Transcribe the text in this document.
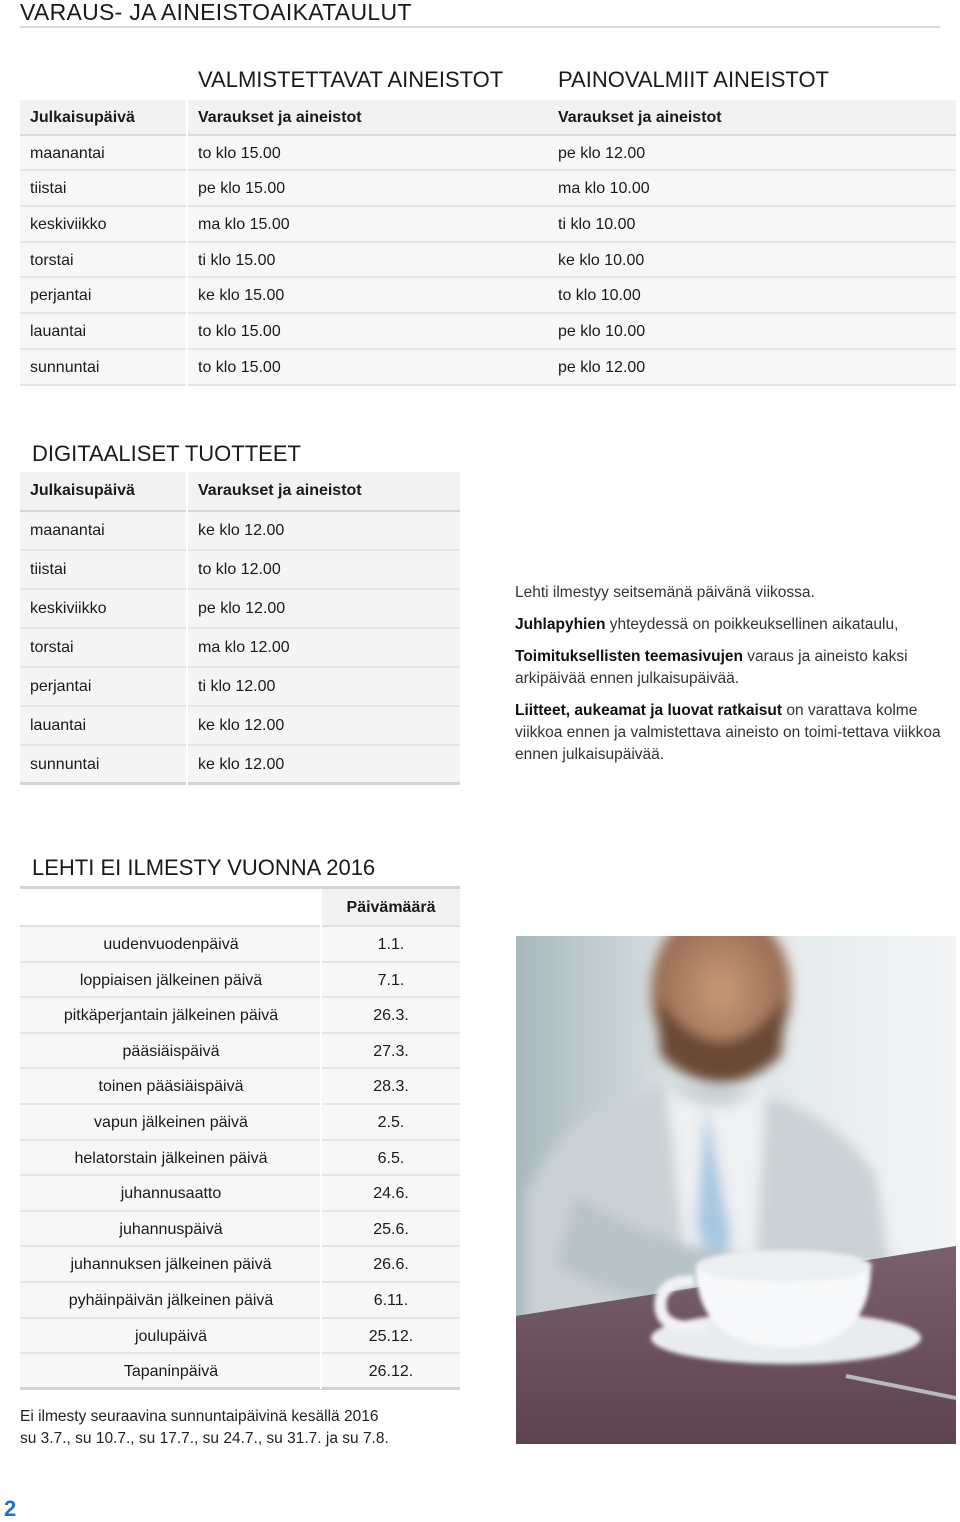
VARAUS- JA AINEISTOAIKATAULUT
VALMISTETTAVAT AINEISTOT PAINOVALMIIT AINEISTOT
Julkaisupäivä	Varaukset ja aineistot	Varaukset ja aineistot
maanantai	to klo 15.00	pe klo 12.00
tiistai	pe klo 15.00	ma klo 10.00
keskiviikko	ma klo 15.00	ti klo 10.00
torstai	ti klo 15.00	ke klo 10.00
perjantai	ke klo 15.00	to klo 10.00
lauantai	to klo 15.00	pe klo 10.00
sunnuntai	to klo 15.00	pe klo 12.00
DIGITAALISET TUOTTEET
Julkaisupäivä	Varaukset ja aineistot
maanantai	ke klo 12.00
tiistai	to klo 12.00
keskiviikko	pe klo 12.00
torstai	ma klo 12.00
perjantai	ti klo 12.00
lauantai	ke klo 12.00
sunnuntai	ke klo 12.00

Lehti ilmestyy seitsemänä päivänä viikossa.

Juhlapyhien yhteydessä on poikkeuksellinen aikataulu,

Toimituksellisten teemasivujen varaus ja aineisto kaksi arkipäivää ennen julkaisupäivää.

Liitteet, aukeamat ja luovat ratkaisut on varattava kolme viikkoa ennen ja valmistettava aineisto on toimi-tettava viikkoa ennen julkaisupäivää.

LEHTI EI ILMESTY VUONNA 2016
Päivämäärä
uudenvuodenpäivä	1.1.
loppiaisen jälkeinen päivä	7.1.
pitkäperjantain jälkeinen päivä	26.3.
pääsiäispäivä	27.3.
toinen pääsiäispäivä	28.3.
vapun jälkeinen päivä	2.5.
helatorstain jälkeinen päivä	6.5.
juhannusaatto	24.6.
juhannuspäivä	25.6.
juhannuksen jälkeinen päivä	26.6.
pyhäinpäivän jälkeinen päivä	6.11.
joulupäivä	25.12.
Tapaninpäivä	26.12.
Ei ilmesty seuraavina sunnuntaipäivinä kesällä 2016
su 3.7., su 10.7., su 17.7., su 24.7., su 31.7. ja su 7.8.
2
